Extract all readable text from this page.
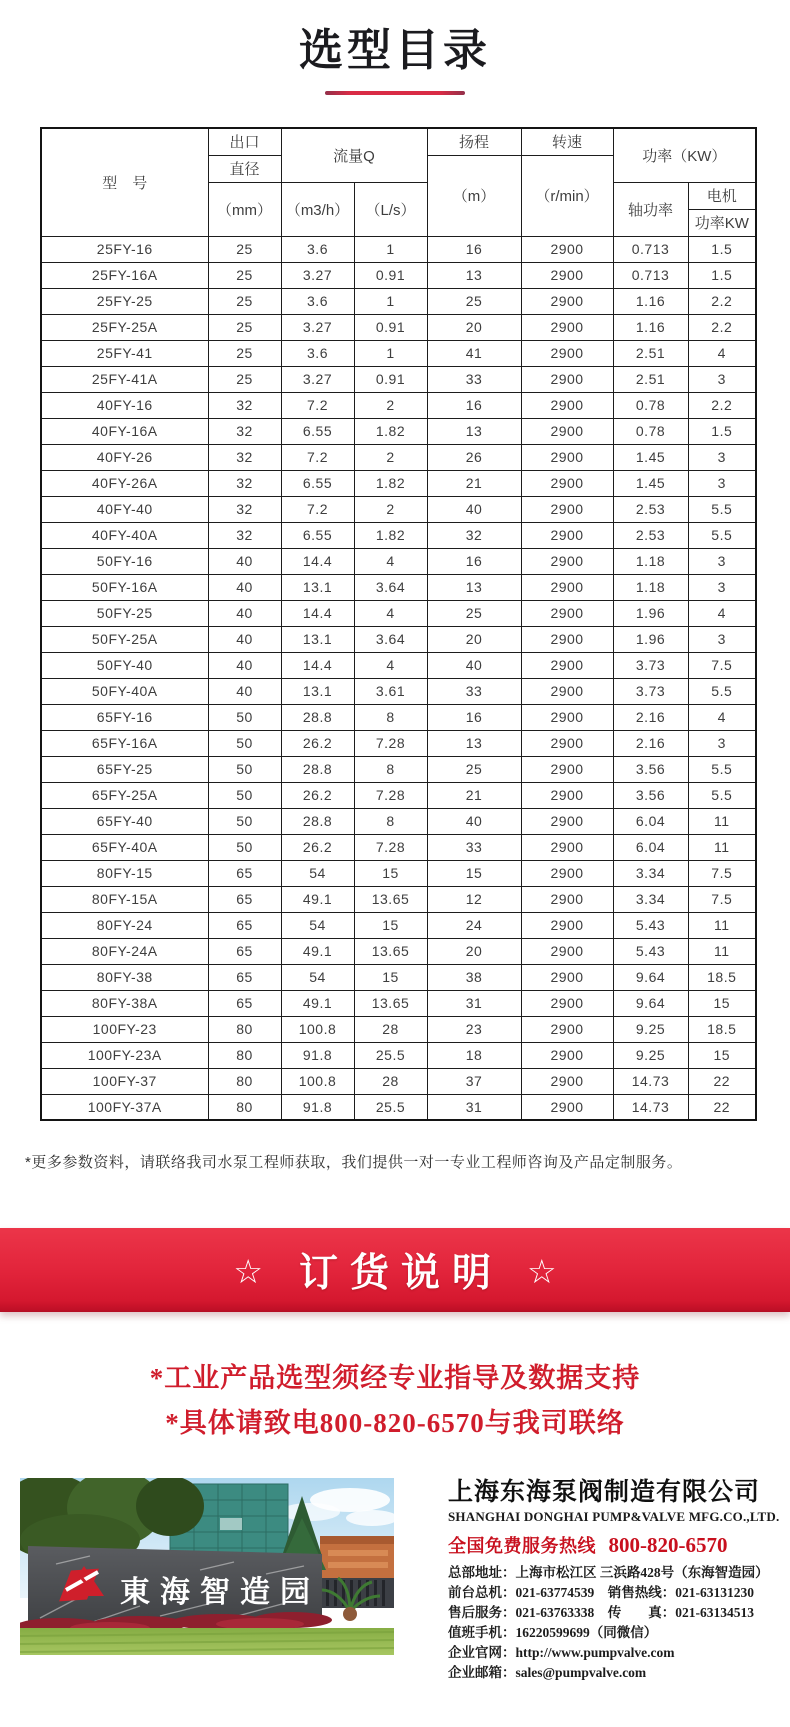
选型目录
型　号	出口	流量Q		扬程	转速	功率（KW）	
	直径			（m）	（r/min）		
	（mm）	（m3/h）	（L/s）			轴功率	电机
							功率KW
25FY-16	25	3.6	1	16	2900	0.713	1.5
25FY-16A	25	3.27	0.91	13	2900	0.713	1.5
25FY-25	25	3.6	1	25	2900	1.16	2.2
25FY-25A	25	3.27	0.91	20	2900	1.16	2.2
25FY-41	25	3.6	1	41	2900	2.51	4
25FY-41A	25	3.27	0.91	33	2900	2.51	3
40FY-16	32	7.2	2	16	2900	0.78	2.2
40FY-16A	32	6.55	1.82	13	2900	0.78	1.5
40FY-26	32	7.2	2	26	2900	1.45	3
40FY-26A	32	6.55	1.82	21	2900	1.45	3
40FY-40	32	7.2	2	40	2900	2.53	5.5
40FY-40A	32	6.55	1.82	32	2900	2.53	5.5
50FY-16	40	14.4	4	16	2900	1.18	3
50FY-16A	40	13.1	3.64	13	2900	1.18	3
50FY-25	40	14.4	4	25	2900	1.96	4
50FY-25A	40	13.1	3.64	20	2900	1.96	3
50FY-40	40	14.4	4	40	2900	3.73	7.5
50FY-40A	40	13.1	3.61	33	2900	3.73	5.5
65FY-16	50	28.8	8	16	2900	2.16	4
65FY-16A	50	26.2	7.28	13	2900	2.16	3
65FY-25	50	28.8	8	25	2900	3.56	5.5
65FY-25A	50	26.2	7.28	21	2900	3.56	5.5
65FY-40	50	28.8	8	40	2900	6.04	11
65FY-40A	50	26.2	7.28	33	2900	6.04	11
80FY-15	65	54	15	15	2900	3.34	7.5
80FY-15A	65	49.1	13.65	12	2900	3.34	7.5
80FY-24	65	54	15	24	2900	5.43	11
80FY-24A	65	49.1	13.65	20	2900	5.43	11
80FY-38	65	54	15	38	2900	9.64	18.5
80FY-38A	65	49.1	13.65	31	2900	9.64	15
100FY-23	80	100.8	28	23	2900	9.25	18.5
100FY-23A	80	91.8	25.5	18	2900	9.25	15
100FY-37	80	100.8	28	37	2900	14.73	22
100FY-37A	80	91.8	25.5	31	2900	14.73	22
*更多参数资料，请联络我司水泵工程师获取，我们提供一对一专业工程师咨询及产品定制服务。
☆ 订货说明 ☆
*工业产品选型须经专业指导及数据支持
*具体请致电800-820-6570与我司联络
東海智造园
上海东海泵阀制造有限公司
SHANGHAI DONGHAI PUMP&VALVE MFG.CO.,LTD.
全国免费服务热线 800-820-6570
总部地址：上海市松江区 三浜路428号（东海智造园）
前台总机：021-63774539　销售热线：021-63131230
售后服务：021-63763338　传　　真：021-63134513
值班手机：16220599699（同微信）
企业官网：http://www.pumpvalve.com
企业邮箱：sales@pumpvalve.com
